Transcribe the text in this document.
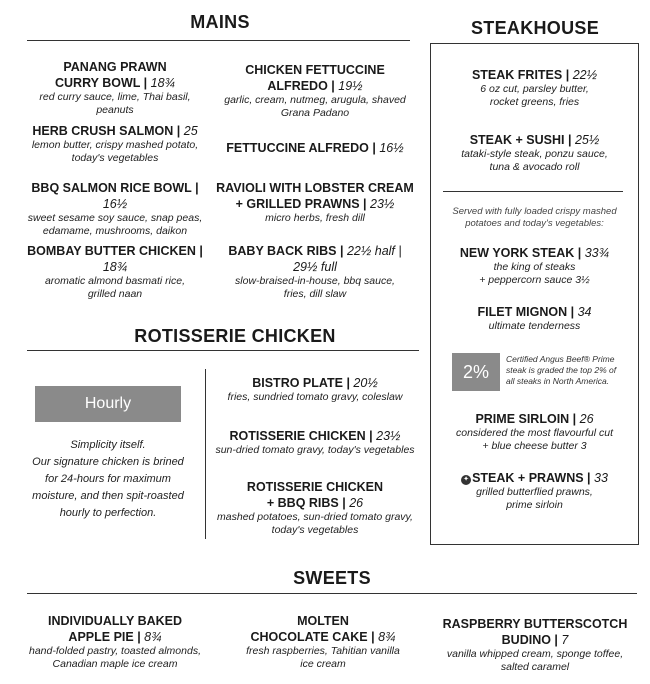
MAINS
PANANG PRAWN
CURRY BOWL | 18¾
red curry sauce, lime, Thai basil, peanuts
CHICKEN FETTUCCINE
ALFREDO | 19½
garlic, cream, nutmeg, arugula, shaved
Grana Padano
HERB CRUSH SALMON | 25
lemon butter, crispy mashed potato,
today's vegetables
FETTUCCINE ALFREDO | 16½
BBQ SALMON RICE BOWL | 16½
sweet sesame soy sauce, snap peas,
edamame, mushrooms, daikon
RAVIOLI WITH LOBSTER CREAM
+ GRILLED PRAWNS | 23½
micro herbs, fresh dill
BOMBAY BUTTER CHICKEN | 18¾
aromatic almond basmati rice,
grilled naan
BABY BACK RIBS | 22½ half | 29½ full
slow-braised-in-house, bbq sauce,
fries, dill slaw
STEAKHOUSE
STEAK FRITES | 22½
6 oz cut, parsley butter,
rocket greens, fries
STEAK + SUSHI | 25½
tataki-style steak, ponzu sauce,
tuna & avocado roll
Served with fully loaded crispy mashed
potatoes and today's vegetables:
NEW YORK STEAK | 33¾
the king of steaks
+ peppercorn sauce 3½
FILET MIGNON | 34
ultimate tenderness
2%
Certified Angus Beef® Prime
steak is graded the top 2% of
all steaks in North America.
PRIME SIRLOIN | 26
considered the most flavourful cut
+ blue cheese butter 3
✦ STEAK + PRAWNS | 33
grilled butterflied prawns,
prime sirloin
ROTISSERIE CHICKEN
Hourly
Simplicity itself.
Our signature chicken is brined
for 24-hours for maximum
moisture, and then spit-roasted
hourly to perfection.
BISTRO PLATE | 20½
fries, sundried tomato gravy, coleslaw
ROTISSERIE CHICKEN | 23½
sun-dried tomato gravy, today's vegetables
ROTISSERIE CHICKEN
+ BBQ RIBS | 26
mashed potatoes, sun-dried tomato gravy,
today's vegetables
SWEETS
INDIVIDUALLY BAKED
APPLE PIE | 8¾
hand-folded pastry, toasted almonds,
Canadian maple ice cream
MOLTEN
CHOCOLATE CAKE | 8¾
fresh raspberries, Tahitian vanilla
ice cream
RASPBERRY BUTTERSCOTCH
BUDINO | 7
vanilla whipped cream, sponge toffee,
salted caramel
